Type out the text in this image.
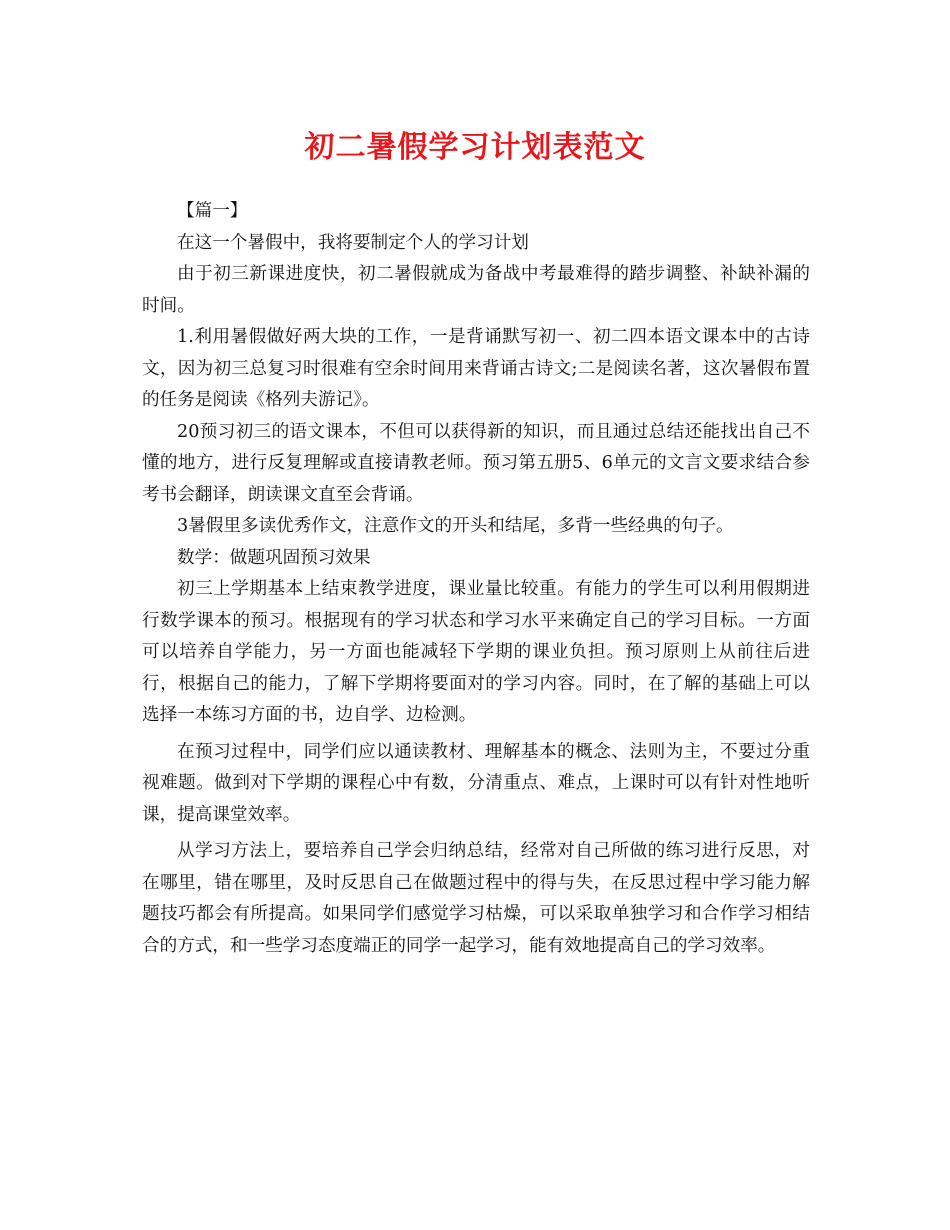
初二暑假学习计划表范文

【篇一】

在这一个暑假中，我将要制定个人的学习计划

由于初三新课进度快，初二暑假就成为备战中考最难得的踏步调整、补缺补漏的时间。

1.利用暑假做好两大块的工作，一是背诵默写初一、初二四本语文课本中的古诗文，因为初三总复习时很难有空余时间用来背诵古诗文;二是阅读名著，这次暑假布置的任务是阅读《格列夫游记》。

20预习初三的语文课本，不但可以获得新的知识，而且通过总结还能找出自己不懂的地方，进行反复理解或直接请教老师。预习第五册5、6单元的文言文要求结合参考书会翻译，朗读课文直至会背诵。

3暑假里多读优秀作文，注意作文的开头和结尾，多背一些经典的句子。

数学：做题巩固预习效果

初三上学期基本上结束教学进度，课业量比较重。有能力的学生可以利用假期进行数学课本的预习。根据现有的学习状态和学习水平来确定自己的学习目标。一方面可以培养自学能力，另一方面也能减轻下学期的课业负担。预习原则上从前往后进行，根据自己的能力，了解下学期将要面对的学习内容。同时，在了解的基础上可以选择一本练习方面的书，边自学、边检测。

在预习过程中，同学们应以通读教材、理解基本的概念、法则为主，不要过分重视难题。做到对下学期的课程心中有数，分清重点、难点，上课时可以有针对性地听课，提高课堂效率。

从学习方法上，要培养自己学会归纳总结，经常对自己所做的练习进行反思，对在哪里，错在哪里，及时反思自己在做题过程中的得与失，在反思过程中学习能力解题技巧都会有所提高。如果同学们感觉学习枯燥，可以采取单独学习和合作学习相结合的方式，和一些学习态度端正的同学一起学习，能有效地提高自己的学习效率。
